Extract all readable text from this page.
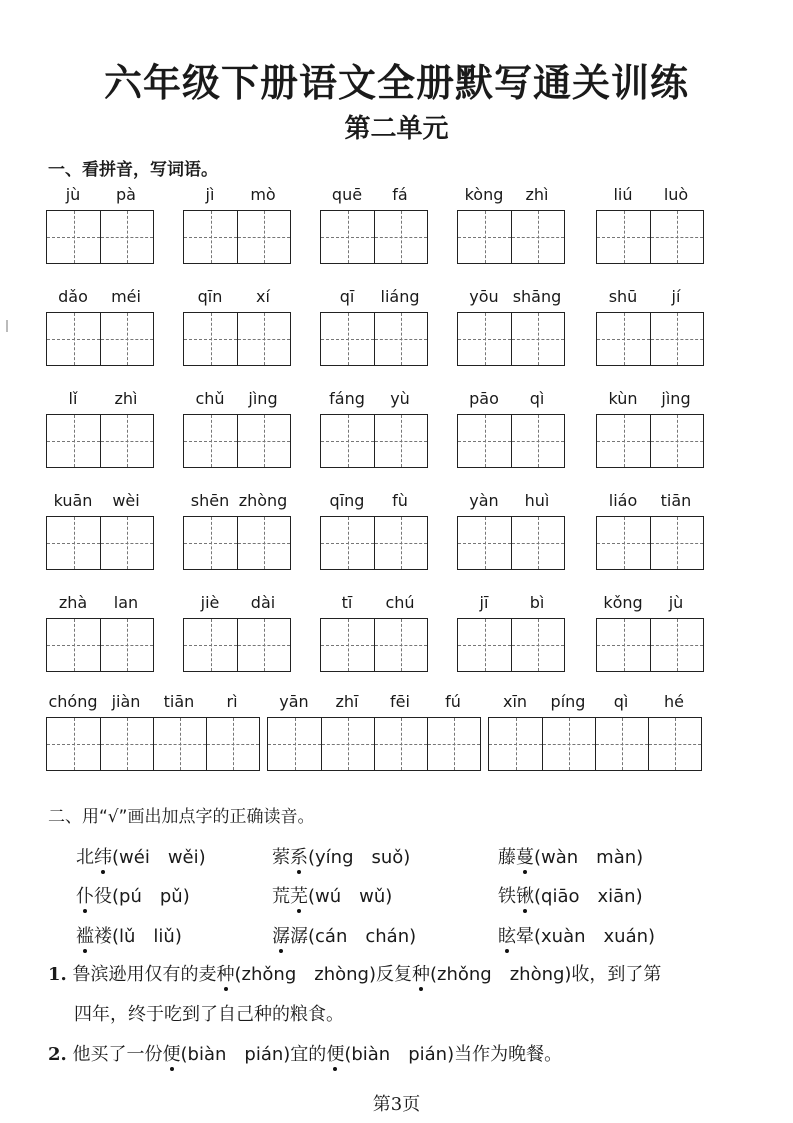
六年级下册语文全册默写通关训练
第二单元
一、看拼音，写词语。
jù	pà	jì	mò	quē	fá	kòng	zhì	liú	luò
dǎo	méi	qīn	xí	qī	liáng	yōu shāng	shū	jí
lǐ	zhì	chǔ	jìng	fáng	yù	pāo	qì	kùn	jìng
kuān	wèi	shēn zhòng	qīng	fù	yàn	huì	liáo	tiān
zhà	lan	jiè	dài	tī	chú	jī	bì	kǒng	jù
chóng jiàn	tiān	rì	yān	zhī	fēi	fú	xīn	píng	qì	hé
二、用“√”画出加点字的正确读音。
北纬(wéi　wěi)	萦系(yíng　suǒ)	藤蔓(wàn　màn)
仆役(pú　pǔ)	荒芜(wú　wǔ)	铁锹(qiāo　xiān)
褴褛(lǔ　liǔ)	潺潺(cán　chán)	眩晕(xuàn　xuán)
1. 鲁滨逊用仅有的麦种(zhǒng　zhòng)反复种(zhǒng　zhòng)收，到了第
四年，终于吃到了自己种的粮食。
2. 他买了一份便(biàn　pián)宜的便(biàn　pián)当作为晚餐。
第3页
